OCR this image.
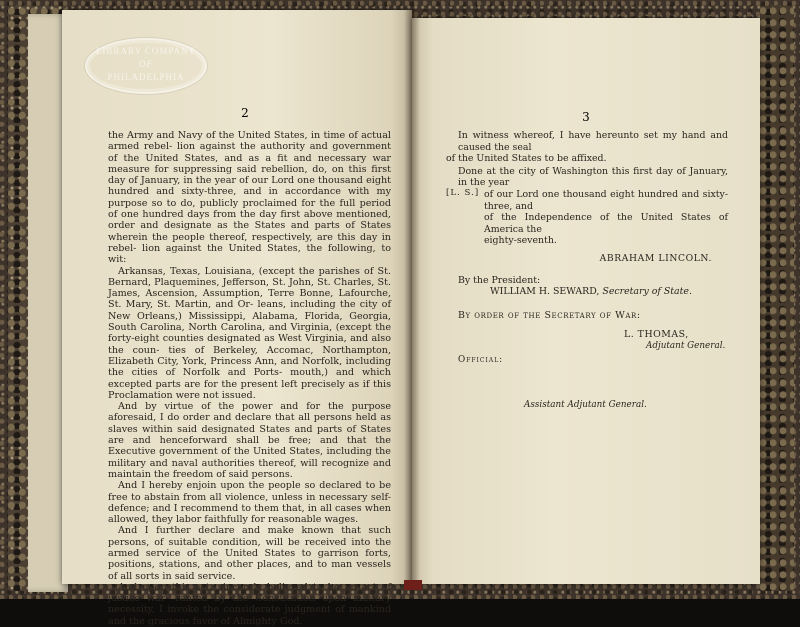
LIBRARY COMPANY
OF
PHILADELPHIA
2	3

the Army and Navy of the United States, in time of actual armed rebel- lion against the authority and government of the United States, and as a fit and necessary war measure for suppressing said rebellion, do, on this first day of January, in the year of our Lord one thousand eight hundred and sixty-three, and in accordance with my purpose so to do, publicly proclaimed for the full period of one hundred days from the day first above mentioned, order and designate as the States and parts of States wherein the people thereof, respectively, are this day in rebel- lion against the United States, the following, to wit:

Arkansas, Texas, Louisiana, (except the parishes of St. Bernard, Plaquemines, Jefferson, St. John, St. Charles, St. James, Ascension, Assumption, Terre Bonne, Lafourche, St. Mary, St. Martin, and Or- leans, including the city of New Orleans,) Mississippi, Alabama, Florida, Georgia, South Carolina, North Carolina, and Virginia, (except the forty-eight counties designated as West Virginia, and also the coun- ties of Berkeley, Accomac, Northampton, Elizabeth City, York, Princess Ann, and Norfolk, including the cities of Norfolk and Ports- mouth,) and which excepted parts are for the present left precisely as if this Proclamation were not issued.

And by virtue of the power and for the purpose aforesaid, I do order and declare that all persons held as slaves within said designated States and parts of States are and henceforward shall be free; and that the Executive government of the United States, including the military and naval authorities thereof, will recognize and maintain the freedom of said persons.

And I hereby enjoin upon the people so declared to be free to abstain from all violence, unless in necessary self-defence; and I recommend to them that, in all cases when allowed, they labor faithfully for reasonable wages.

And I further declare and make known that such persons, of suitable condition, will be received into the armed service of the United States to garrison forts, positions, stations, and other places, and to man vessels of all sorts in said service.

And upon this act, sincerely believed to be an act of justice war- ranted by the Constitution upon military necessity, I invoke the considerate judgment of mankind and the gracious favor of Almighty God.

In witness whereof, I have hereunto set my hand and caused the seal
of the United States to be affixed.
[L. S.]
Done at the city of Washington this first day of January, in the year
of our Lord one thousand eight hundred and sixty-three, and
of the Independence of the United States of America the
eighty-seventh.
ABRAHAM LINCOLN.
By the President:
WILLIAM H. SEWARD, Secretary of State.
By order of the Secretary of War:
L. THOMAS,
Adjutant General.
Official:
Assistant Adjutant General.
